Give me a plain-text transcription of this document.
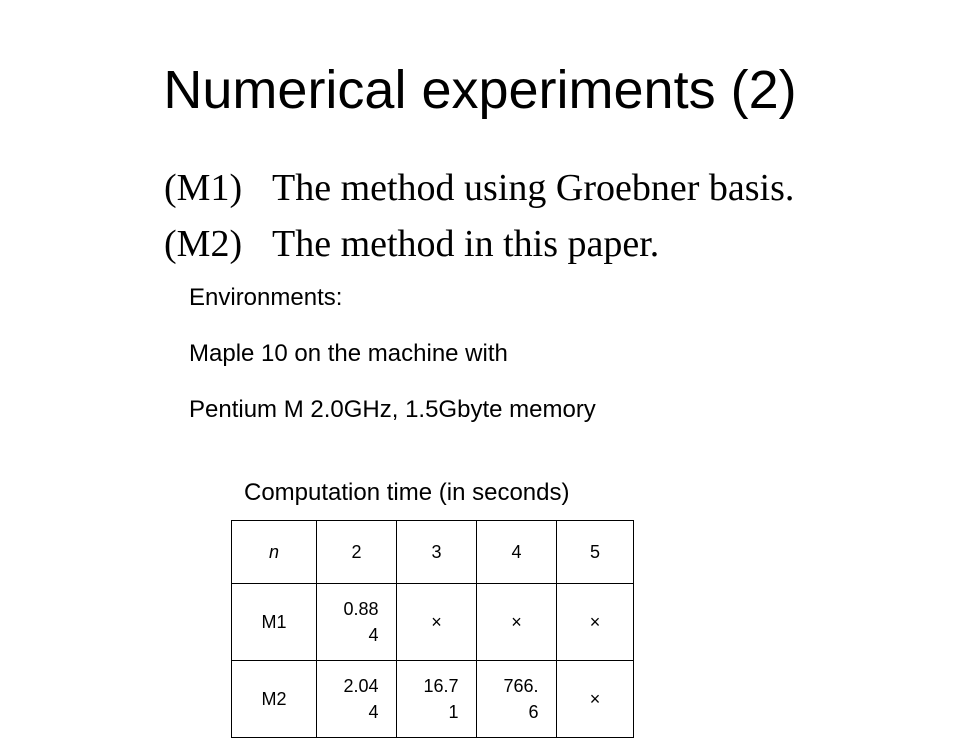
Numerical experiments (2)
(M1) The method using Groebner basis.
(M2) The method in this paper.
Environments:
Maple 10 on the machine with
Pentium M 2.0GHz, 1.5Gbyte memory
Computation time (in seconds)
n	2	3	4	5
M1	0.884	×	×	×
M2	2.044	16.71	766.6	×
